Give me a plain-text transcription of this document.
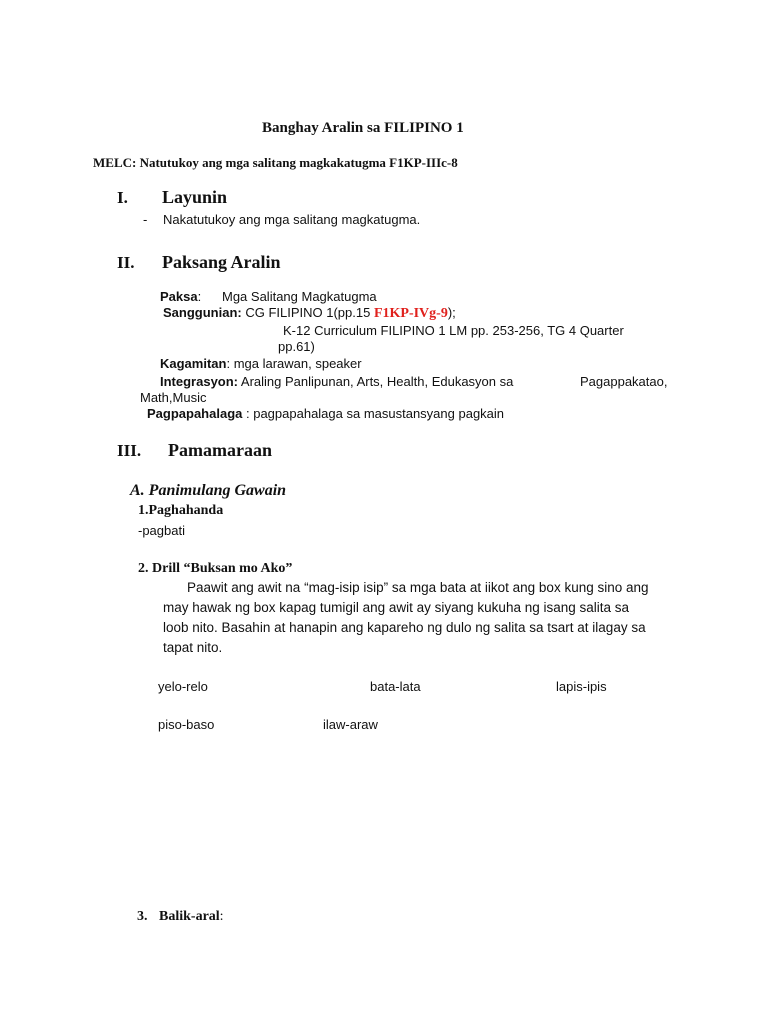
Banghay Aralin sa FILIPINO 1
MELC: Natutukoy ang mga salitang magkakatugma F1KP-IIIc-8
I. Layunin
- Nakatutukoy ang mga salitang magkatugma.
II. Paksang Aralin
Paksa: Mga Salitang Magkatugma
Sanggunian: CG FILIPINO 1(pp.15 F1KP-IVg-9);
K-12 Curriculum FILIPINO 1 LM pp. 253-256, TG 4 Quarter
pp.61)
Kagamitan: mga larawan, speaker
Integrasyon: Araling Panlipunan, Arts, Health, Edukasyon sa	Pagappakatao,
Math,Music
Pagpapahalaga : pagpapahalaga sa masustansyang pagkain
III. Pamamaraan
A. Panimulang Gawain
1.Paghahanda
-pagbati
2. Drill “Buksan mo Ako”
Paawit ang awit na “mag-isip isip” sa mga bata at iikot ang box kung sino ang
may hawak ng box kapag tumigil ang awit ay siyang kukuha ng isang salita sa
loob nito. Basahin at hanapin ang kapareho ng dulo ng salita sa tsart at ilagay sa
tapat nito.
yelo-relo	bata-lata	lapis-ipis
piso-baso	ilaw-araw
3. Balik-aral:
